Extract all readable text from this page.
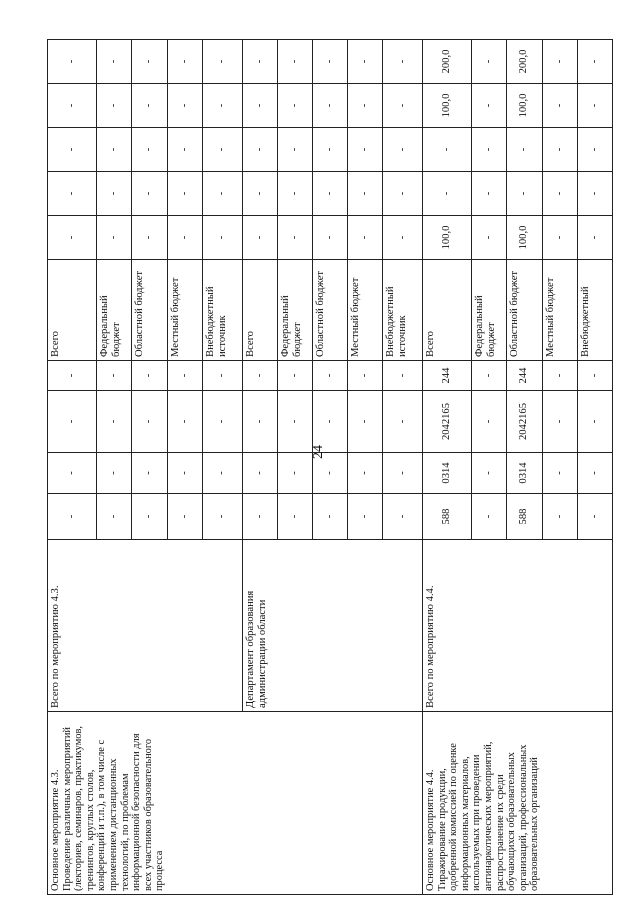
24
Основное мероприятие 4.3. Проведение различных мероприятий (лекториев, семинаров, практикумов, тренингов, круглых столов, конференций и т.п.), в том числе с применением дистанционных технологий, по проблемам информационной безопасности для всех участников образовательного процесса	Всего по мероприятию 4.3.	-	-	-	-	Всего	-	-	-	-	-
		-	-	-	-	Федеральный бюджет	-	-	-	-	-
		-	-	-	-	Областной бюджет	-	-	-	-	-
		-	-	-	-	Местный бюджет	-	-	-	-	-
		-	-	-	-	Внебюджетный источник	-	-	-	-	-
	Департамент образования администрации области	-	-	-	-	Всего	-	-	-	-	-
		-	-	-	-	Федеральный бюджет	-	-	-	-	-
		-	-	-	-	Областной бюджет	-	-	-	-	-
		-	-	-	-	Местный бюджет	-	-	-	-	-
		-	-	-	-	Внебюджетный источник	-	-	-	-	-
Основное мероприятие 4.4. Тиражирование продукции, одобренной комиссией по оценке информационных материалов, используемых при проведении антинаркотических мероприятий, распространение их среди обучающихся образовательных организаций, профессиональных образовательных организаций	Всего по мероприятию 4.4.	588	0314	2042165	244	Всего	100,0	-	-	100,0	200,0
		-	-	-	-	Федеральный бюджет	-	-	-	-	-
		588	0314	2042165	244	Областной бюджет	100,0	-	-	100,0	200,0
		-	-	-	-	Местный бюджет	-	-	-	-	-
		-	-	-	-	Внебюджетный	-	-	-	-	-
